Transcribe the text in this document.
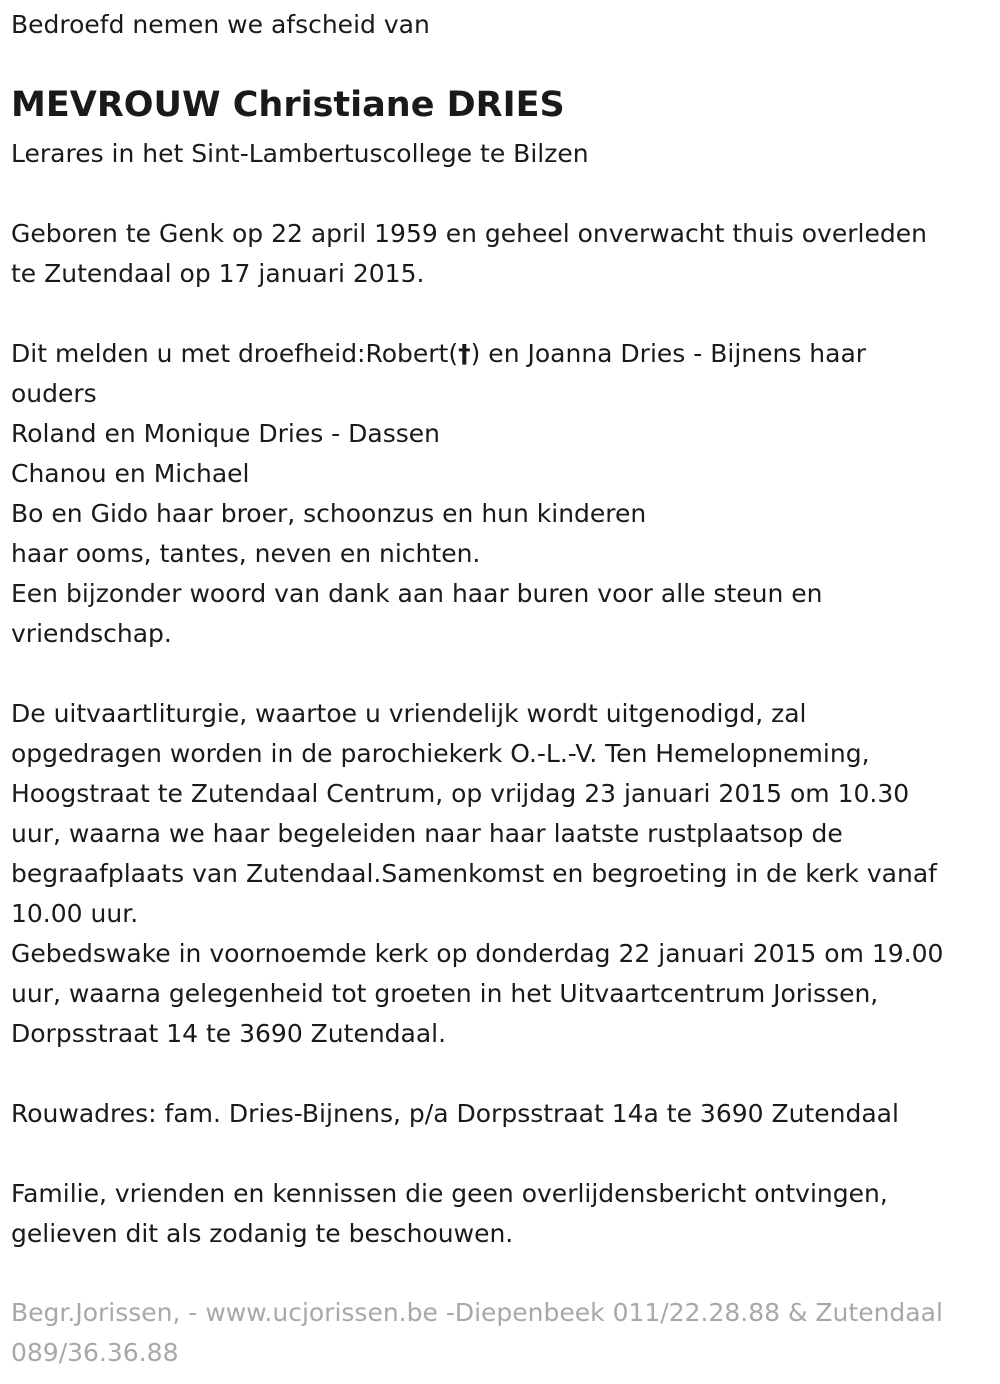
Bedroefd nemen we afscheid van
MEVROUW Christiane DRIES
Lerares in het Sint-Lambertuscollege te Bilzen
Geboren te Genk op 22 april 1959 en geheel onverwacht thuis overleden
te Zutendaal op 17 januari 2015.
Dit melden u met droefheid:Robert(†) en Joanna Dries - Bijnens haar
ouders
Roland en Monique Dries - Dassen
Chanou en Michael
Bo en Gido haar broer, schoonzus en hun kinderen
haar ooms, tantes, neven en nichten.
Een bijzonder woord van dank aan haar buren voor alle steun en
vriendschap.
De uitvaartliturgie, waartoe u vriendelijk wordt uitgenodigd, zal
opgedragen worden in de parochiekerk O.-L.-V. Ten Hemelopneming,
Hoogstraat te Zutendaal Centrum, op vrijdag 23 januari 2015 om 10.30
uur, waarna we haar begeleiden naar haar laatste rustplaatsop de
begraafplaats van Zutendaal.Samenkomst en begroeting in de kerk vanaf
10.00 uur.
Gebedswake in voornoemde kerk op donderdag 22 januari 2015 om 19.00
uur, waarna gelegenheid tot groeten in het Uitvaartcentrum Jorissen,
Dorpsstraat 14 te 3690 Zutendaal.
Rouwadres: fam. Dries-Bijnens, p/a Dorpsstraat 14a te 3690 Zutendaal
Familie, vrienden en kennissen die geen overlijdensbericht ontvingen,
gelieven dit als zodanig te beschouwen.
Begr.Jorissen, - www.ucjorissen.be -Diepenbeek 011/22.28.88 & Zutendaal
089/36.36.88
